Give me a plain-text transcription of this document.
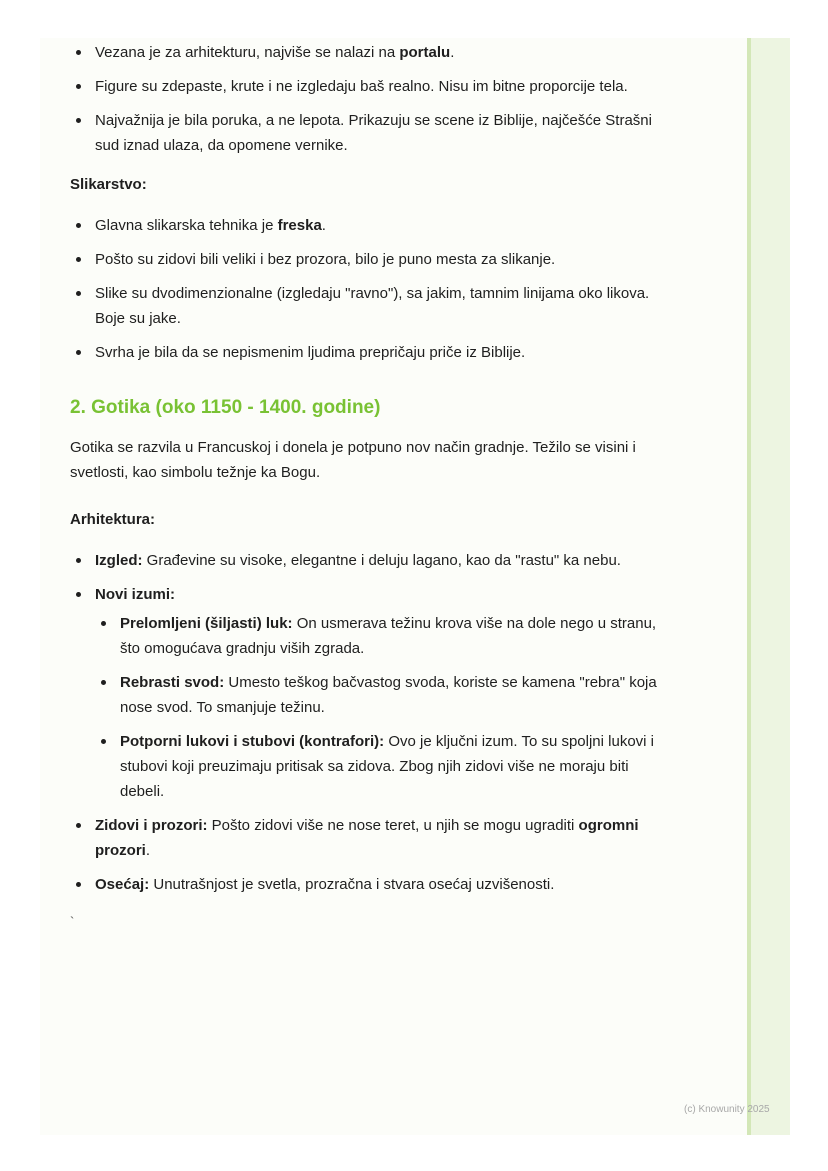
Vezana je za arhitekturu, najviše se nalazi na portalu.
Figure su zdepaste, krute i ne izgledaju baš realno. Nisu im bitne proporcije tela.
Najvažnija je bila poruka, a ne lepota. Prikazuju se scene iz Biblije, najčešće Strašni sud iznad ulaza, da opomene vernike.

Slikarstvo:

Glavna slikarska tehnika je freska.
Pošto su zidovi bili veliki i bez prozora, bilo je puno mesta za slikanje.
Slike su dvodimenzionalne (izgledaju "ravno"), sa jakim, tamnim linijama oko likova. Boje su jake.
Svrha je bila da se nepismenim ljudima prepričaju priče iz Biblije.
2. Gotika (oko 1150 - 1400. godine)

Gotika se razvila u Francuskoj i donela je potpuno nov način gradnje. Težilo se visini i svetlosti, kao simbolu težnje ka Bogu.

Arhitektura:

Izgled: Građevine su visoke, elegantne i deluju lagano, kao da "rastu" ka nebu.
Novi izumi:
Prelomljeni (šiljasti) luk: On usmerava težinu krova više na dole nego u stranu, što omogućava gradnju viših zgrada.
Rebrasti svod: Umesto teškog bačvastog svoda, koriste se kamena "rebra" koja nose svod. To smanjuje težinu.
Potporni lukovi i stubovi (kontrafori): Ovo je ključni izum. To su spoljni lukovi i stubovi koji preuzimaju pritisak sa zidova. Zbog njih zidovi više ne moraju biti debeli.
Zidovi i prozori: Pošto zidovi više ne nose teret, u njih se mogu ugraditi ogromni prozori.
Osećaj: Unutrašnjost je svetla, prozračna i stvara osećaj uzvišenosti.

`

(c) Knowunity 2025
